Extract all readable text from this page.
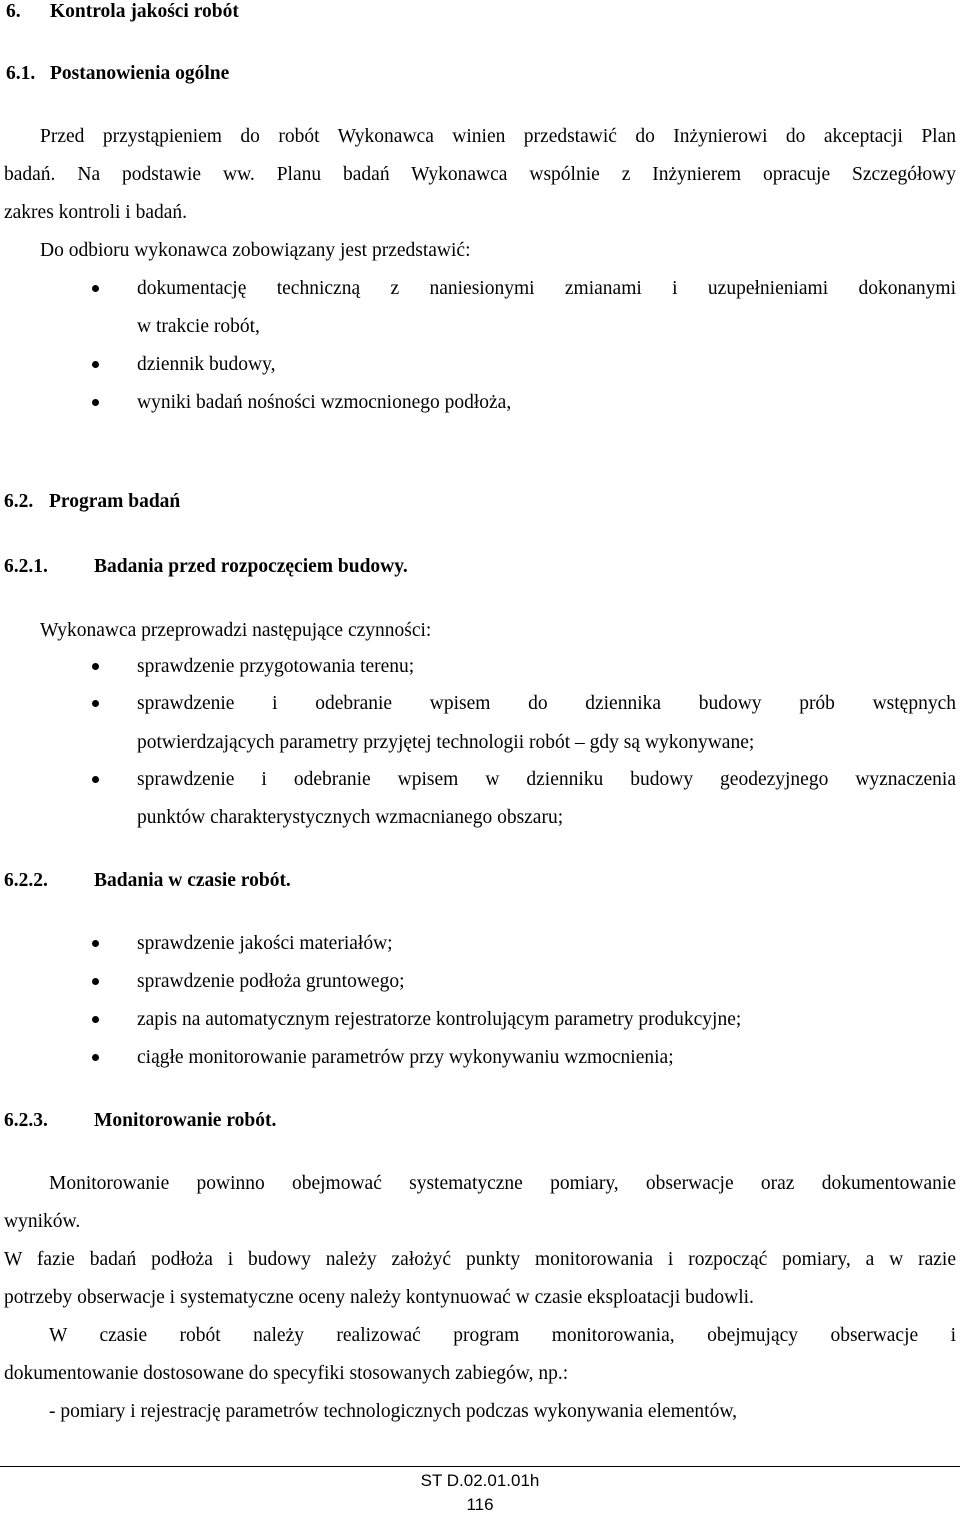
6. Kontrola jakości robót
6.1. Postanowienia ogólne
Przed przystąpieniem do robót Wykonawca winien przedstawić do Inżynierowi do akceptacji Plan
badań. Na podstawie ww. Planu badań Wykonawca wspólnie z Inżynierem opracuje Szczegółowy
zakres kontroli i badań.
Do odbioru wykonawca zobowiązany jest przedstawić:
dokumentację techniczną z naniesionymi zmianami i uzupełnieniami dokonanymi
w trakcie robót,
dziennik budowy,
wyniki badań nośności wzmocnionego podłoża,
6.2. Program badań
6.2.1. Badania przed rozpoczęciem budowy.
Wykonawca przeprowadzi następujące czynności:
sprawdzenie przygotowania terenu;
sprawdzenie i odebranie wpisem do dziennika budowy prób wstępnych
potwierdzających parametry przyjętej technologii robót – gdy są wykonywane;
sprawdzenie i odebranie wpisem w dzienniku budowy geodezyjnego wyznaczenia
punktów charakterystycznych wzmacnianego obszaru;
6.2.2. Badania w czasie robót.
sprawdzenie jakości materiałów;
sprawdzenie podłoża gruntowego;
zapis na automatycznym rejestratorze kontrolującym parametry produkcyjne;
ciągłe monitorowanie parametrów przy wykonywaniu wzmocnienia;
6.2.3. Monitorowanie robót.
Monitorowanie powinno obejmować systematyczne pomiary, obserwacje oraz dokumentowanie
wyników.
W fazie badań podłoża i budowy należy założyć punkty monitorowania i rozpocząć pomiary, a w razie
potrzeby obserwacje i systematyczne oceny należy kontynuować w czasie eksploatacji budowli.
W czasie robót należy realizować program monitorowania, obejmujący obserwacje i
dokumentowanie dostosowane do specyfiki stosowanych zabiegów, np.:
- pomiary i rejestrację parametrów technologicznych podczas wykonywania elementów,
ST D.02.01.01h
116
